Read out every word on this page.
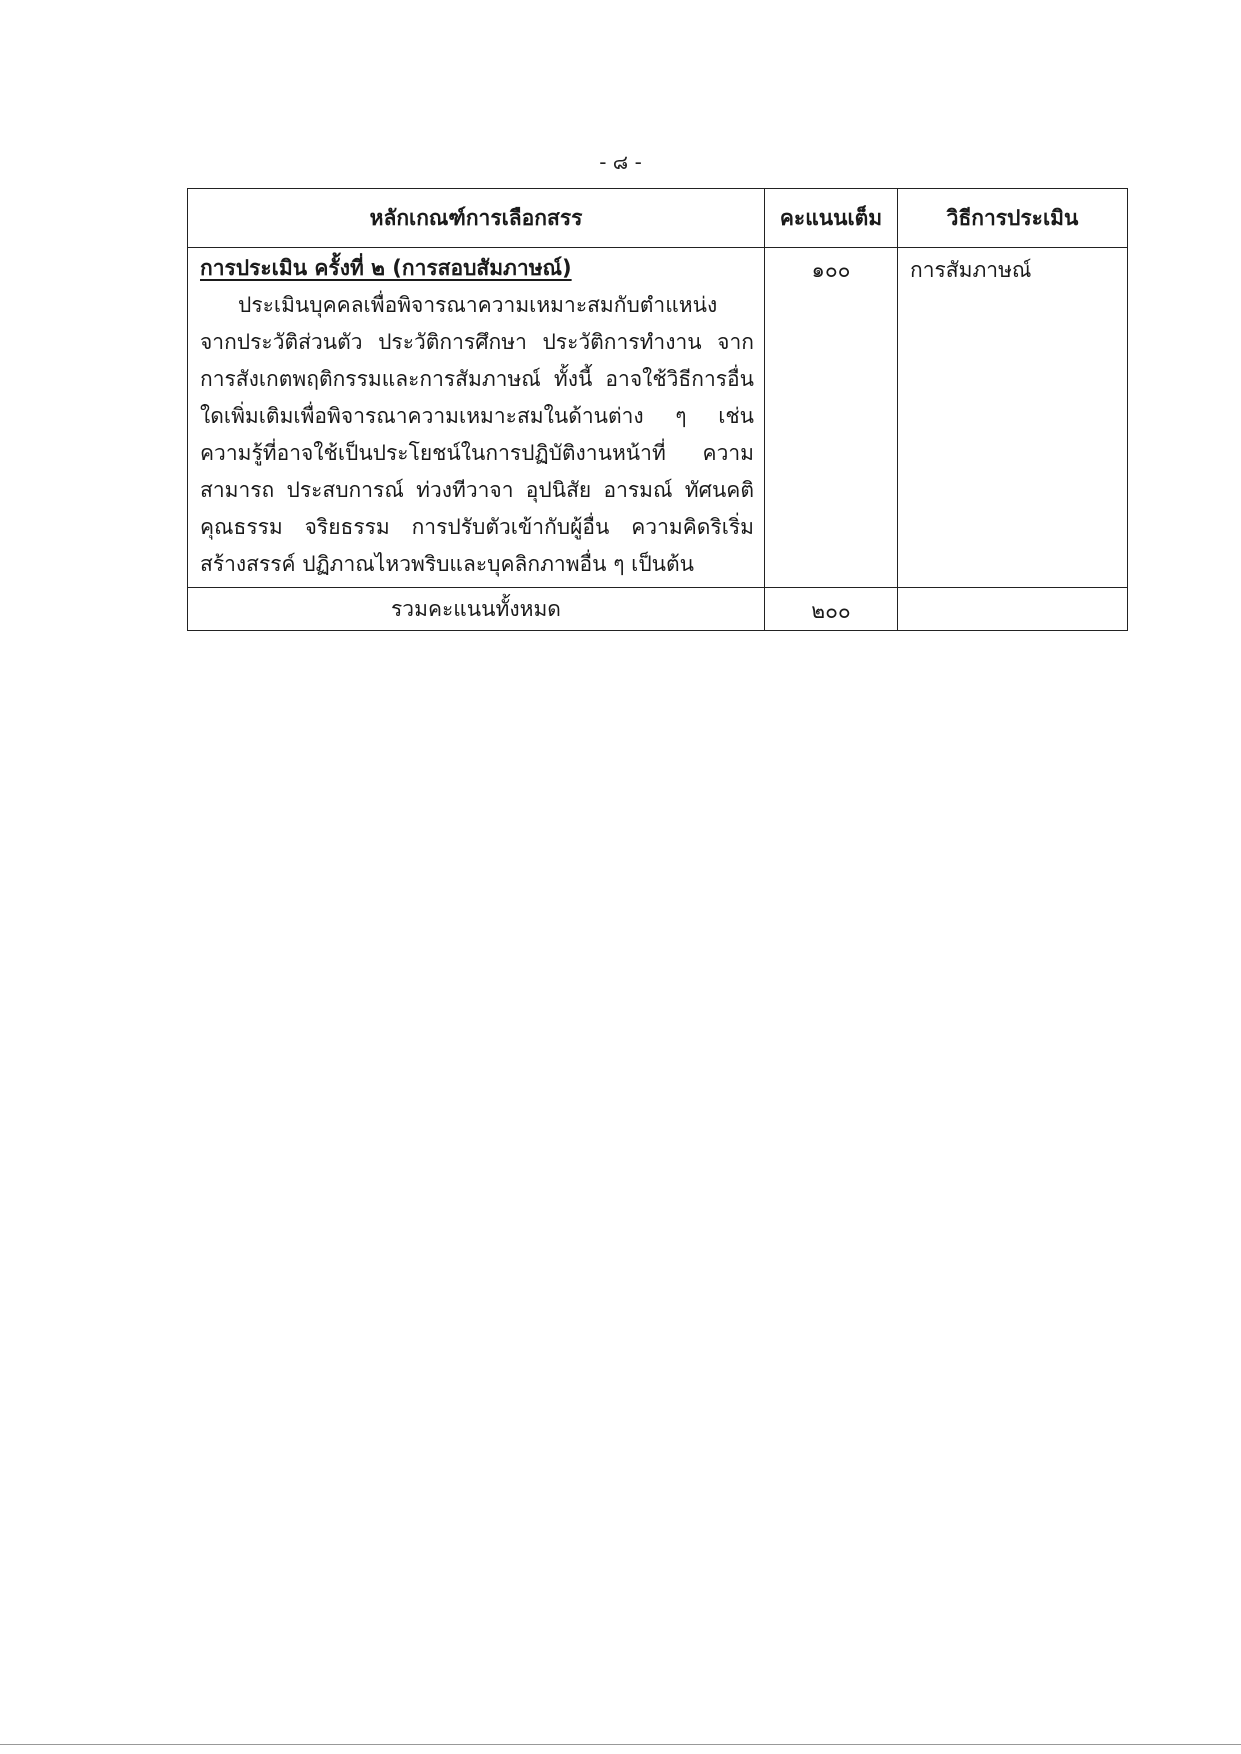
- ๘ -
หลักเกณฑ์การเลือกสรร	คะแนนเต็ม	วิธีการประเมิน

การประเมิน ครั้งที่ ๒ (การสอบสัมภาษณ์)
ประเมินบุคคลเพื่อพิจารณาความเหมาะสมกับตำแหน่ง จากประวัติส่วนตัว ประวัติการศึกษา ประวัติการทำงาน จากการสังเกตพฤติกรรมและการสัมภาษณ์ ทั้งนี้ อาจใช้วิธีการอื่นใดเพิ่มเติมเพื่อพิจารณาความเหมาะสมในด้านต่าง ๆ เช่น ความรู้ที่อาจใช้เป็นประโยชน์ในการปฏิบัติงานหน้าที่ ความสามารถ ประสบการณ์ ท่วงทีวาจา อุปนิสัย อารมณ์ ทัศนคติ คุณธรรม จริยธรรม การปรับตัวเข้ากับผู้อื่น ความคิดริเริ่มสร้างสรรค์ ปฏิภาณไหวพริบและบุคลิกภาพอื่น ๆ เป็นต้น	๑๐๐	การสัมภาษณ์
รวมคะแนนทั้งหมด	๒๐๐	
